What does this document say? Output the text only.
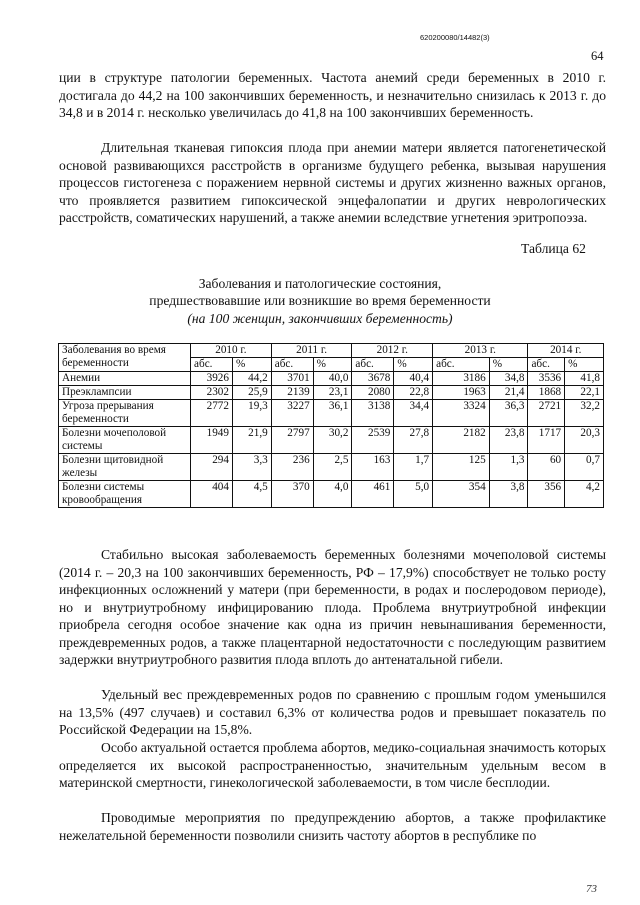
620200080/14482(3)
64

ции в структуре патологии беременных. Частота анемий среди беременных в 2010 г. достигала до 44,2 на 100 закончивших беременность, и незначительно снизилась к 2013 г. до 34,8 и в 2014 г. несколько увеличилась до 41,8 на 100 закончивших беременность.

Длительная тканевая гипоксия плода при анемии матери является патогенетической основой развивающихся расстройств в организме будущего ребенка, вызывая нарушения процессов гистогенеза с поражением нервной системы и других жизненно важных органов, что проявляется развитием гипоксической энцефалопатии и других неврологических расстройств, соматических нарушений, а также анемии вследствие угнетения эритропоэза.

Таблица 62
Заболевания и патологические состояния,
предшествовавшие или возникшие во время беременности
(на 100 женщин, закончивших беременность)
Заболевания во время беременности	2010 г.		2011 г.		2012 г.		2013 г.		2014 г.	
	абс.	%	абс.	%	абс.	%	абс.	%	абс.	%
Анемии	3926	44,2	3701	40,0	3678	40,4	3186	34,8	3536	41,8
Преэклампсии	2302	25,9	2139	23,1	2080	22,8	1963	21,4	1868	22,1
Угроза прерывания беременности	2772	19,3	3227	36,1	3138	34,4	3324	36,3	2721	32,2
Болезни мочеполовой системы	1949	21,9	2797	30,2	2539	27,8	2182	23,8	1717	20,3
Болезни щитовидной железы	294	3,3	236	2,5	163	1,7	125	1,3	60	0,7
Болезни системы кровообращения	404	4,5	370	4,0	461	5,0	354	3,8	356	4,2

Стабильно высокая заболеваемость беременных болезнями мочеполовой системы (2014 г. – 20,3 на 100 закончивших беременность, РФ – 17,9%) способствует не только росту инфекционных осложнений у матери (при беременности, в родах и послеродовом периоде), но и внутриутробному инфицированию плода. Проблема внутриутробной инфекции приобрела сегодня особое значение как одна из причин невынашивания беременности, преждевременных родов, а также плацентарной недостаточности с последующим развитием задержки внутриутробного развития плода вплоть до антенатальной гибели.

Удельный вес преждевременных родов по сравнению с прошлым годом уменьшился на 13,5% (497 случаев) и составил 6,3% от количества родов и превышает показатель по Российской Федерации на 15,8%.

Особо актуальной остается проблема абортов, медико-социальная значимость которых определяется их высокой распространенностью, значительным удельным весом в материнской смертности, гинекологической заболеваемости, в том числе бесплодии.

Проводимые мероприятия по предупреждению абортов, а также профилактике нежелательной беременности позволили снизить частоту абортов в республике по

73
